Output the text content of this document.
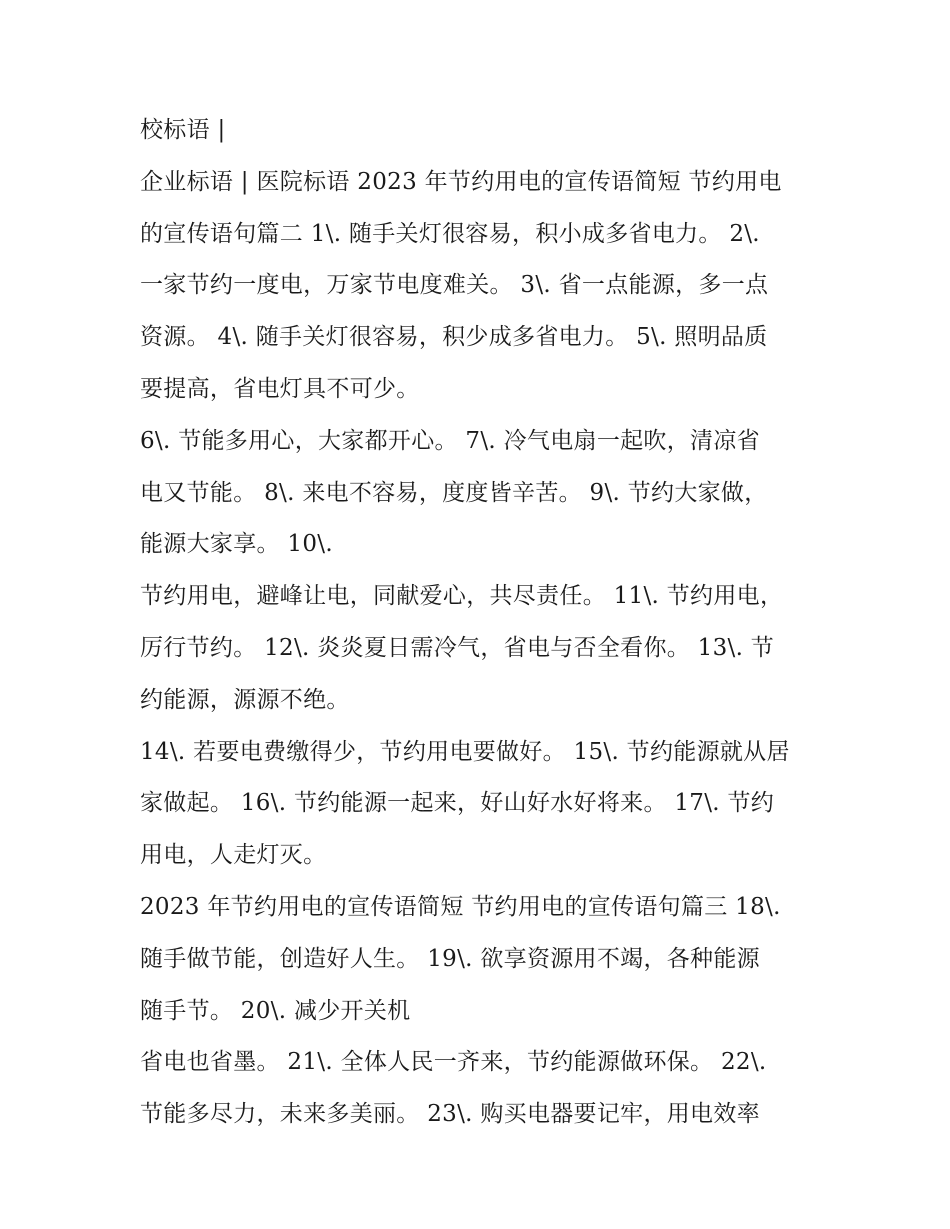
校标语 |
企业标语 | 医院标语 2023 年节约用电的宣传语简短 节约用电
的宣传语句篇二 1\. 随手关灯很容易，积小成多省电力。 2\.
一家节约一度电，万家节电度难关。 3\. 省一点能源，多一点
资源。 4\. 随手关灯很容易，积少成多省电力。 5\. 照明品质
要提高，省电灯具不可少。
6\. 节能多用心，大家都开心。 7\. 冷气电扇一起吹，清凉省
电又节能。 8\. 来电不容易，度度皆辛苦。 9\. 节约大家做，
能源大家享。 10\.
节约用电，避峰让电，同献爱心，共尽责任。 11\. 节约用电，
厉行节约。 12\. 炎炎夏日需冷气，省电与否全看你。 13\. 节
约能源，源源不绝。
14\. 若要电费缴得少，节约用电要做好。 15\. 节约能源就从居
家做起。 16\. 节约能源一起来，好山好水好将来。 17\. 节约
用电，人走灯灭。
2023 年节约用电的宣传语简短 节约用电的宣传语句篇三 18\.
随手做节能，创造好人生。 19\. 欲享资源用不竭，各种能源
随手节。 20\. 减少开关机
省电也省墨。 21\. 全体人民一齐来，节约能源做环保。 22\.
节能多尽力，未来多美丽。 23\. 购买电器要记牢，用电效率
